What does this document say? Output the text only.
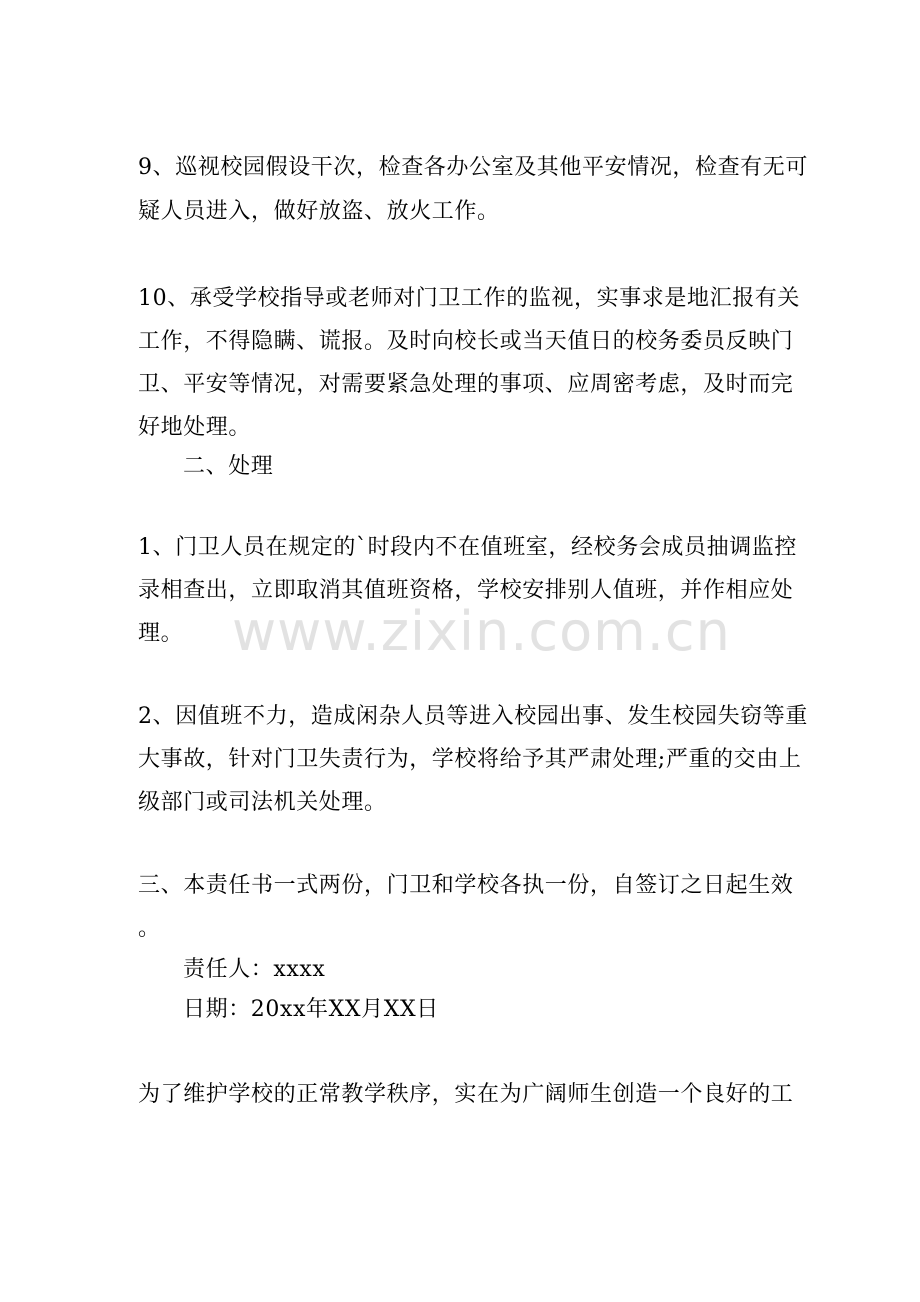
9、巡视校园假设干次，检查各办公室及其他平安情况，检查有无可
疑人员进入，做好放盗、放火工作。
10、承受学校指导或老师对门卫工作的监视，实事求是地汇报有关
工作，不得隐瞒、谎报。及时向校长或当天值日的校务委员反映门
卫、平安等情况，对需要紧急处理的事项、应周密考虑，及时而完
好地处理。
二、处理
1、门卫人员在规定的`时段内不在值班室，经校务会成员抽调监控
录相查出，立即取消其值班资格，学校安排别人值班，并作相应处
理。
2、因值班不力，造成闲杂人员等进入校园出事、发生校园失窃等重
大事故，针对门卫失责行为，学校将给予其严肃处理;严重的交由上
级部门或司法机关处理。
三、本责任书一式两份，门卫和学校各执一份，自签订之日起生效
。
责任人：xxxx
日期：20xx年XX月XX日
为了维护学校的正常教学秩序，实在为广阔师生创造一个良好的工
www.zixin.com.cn
